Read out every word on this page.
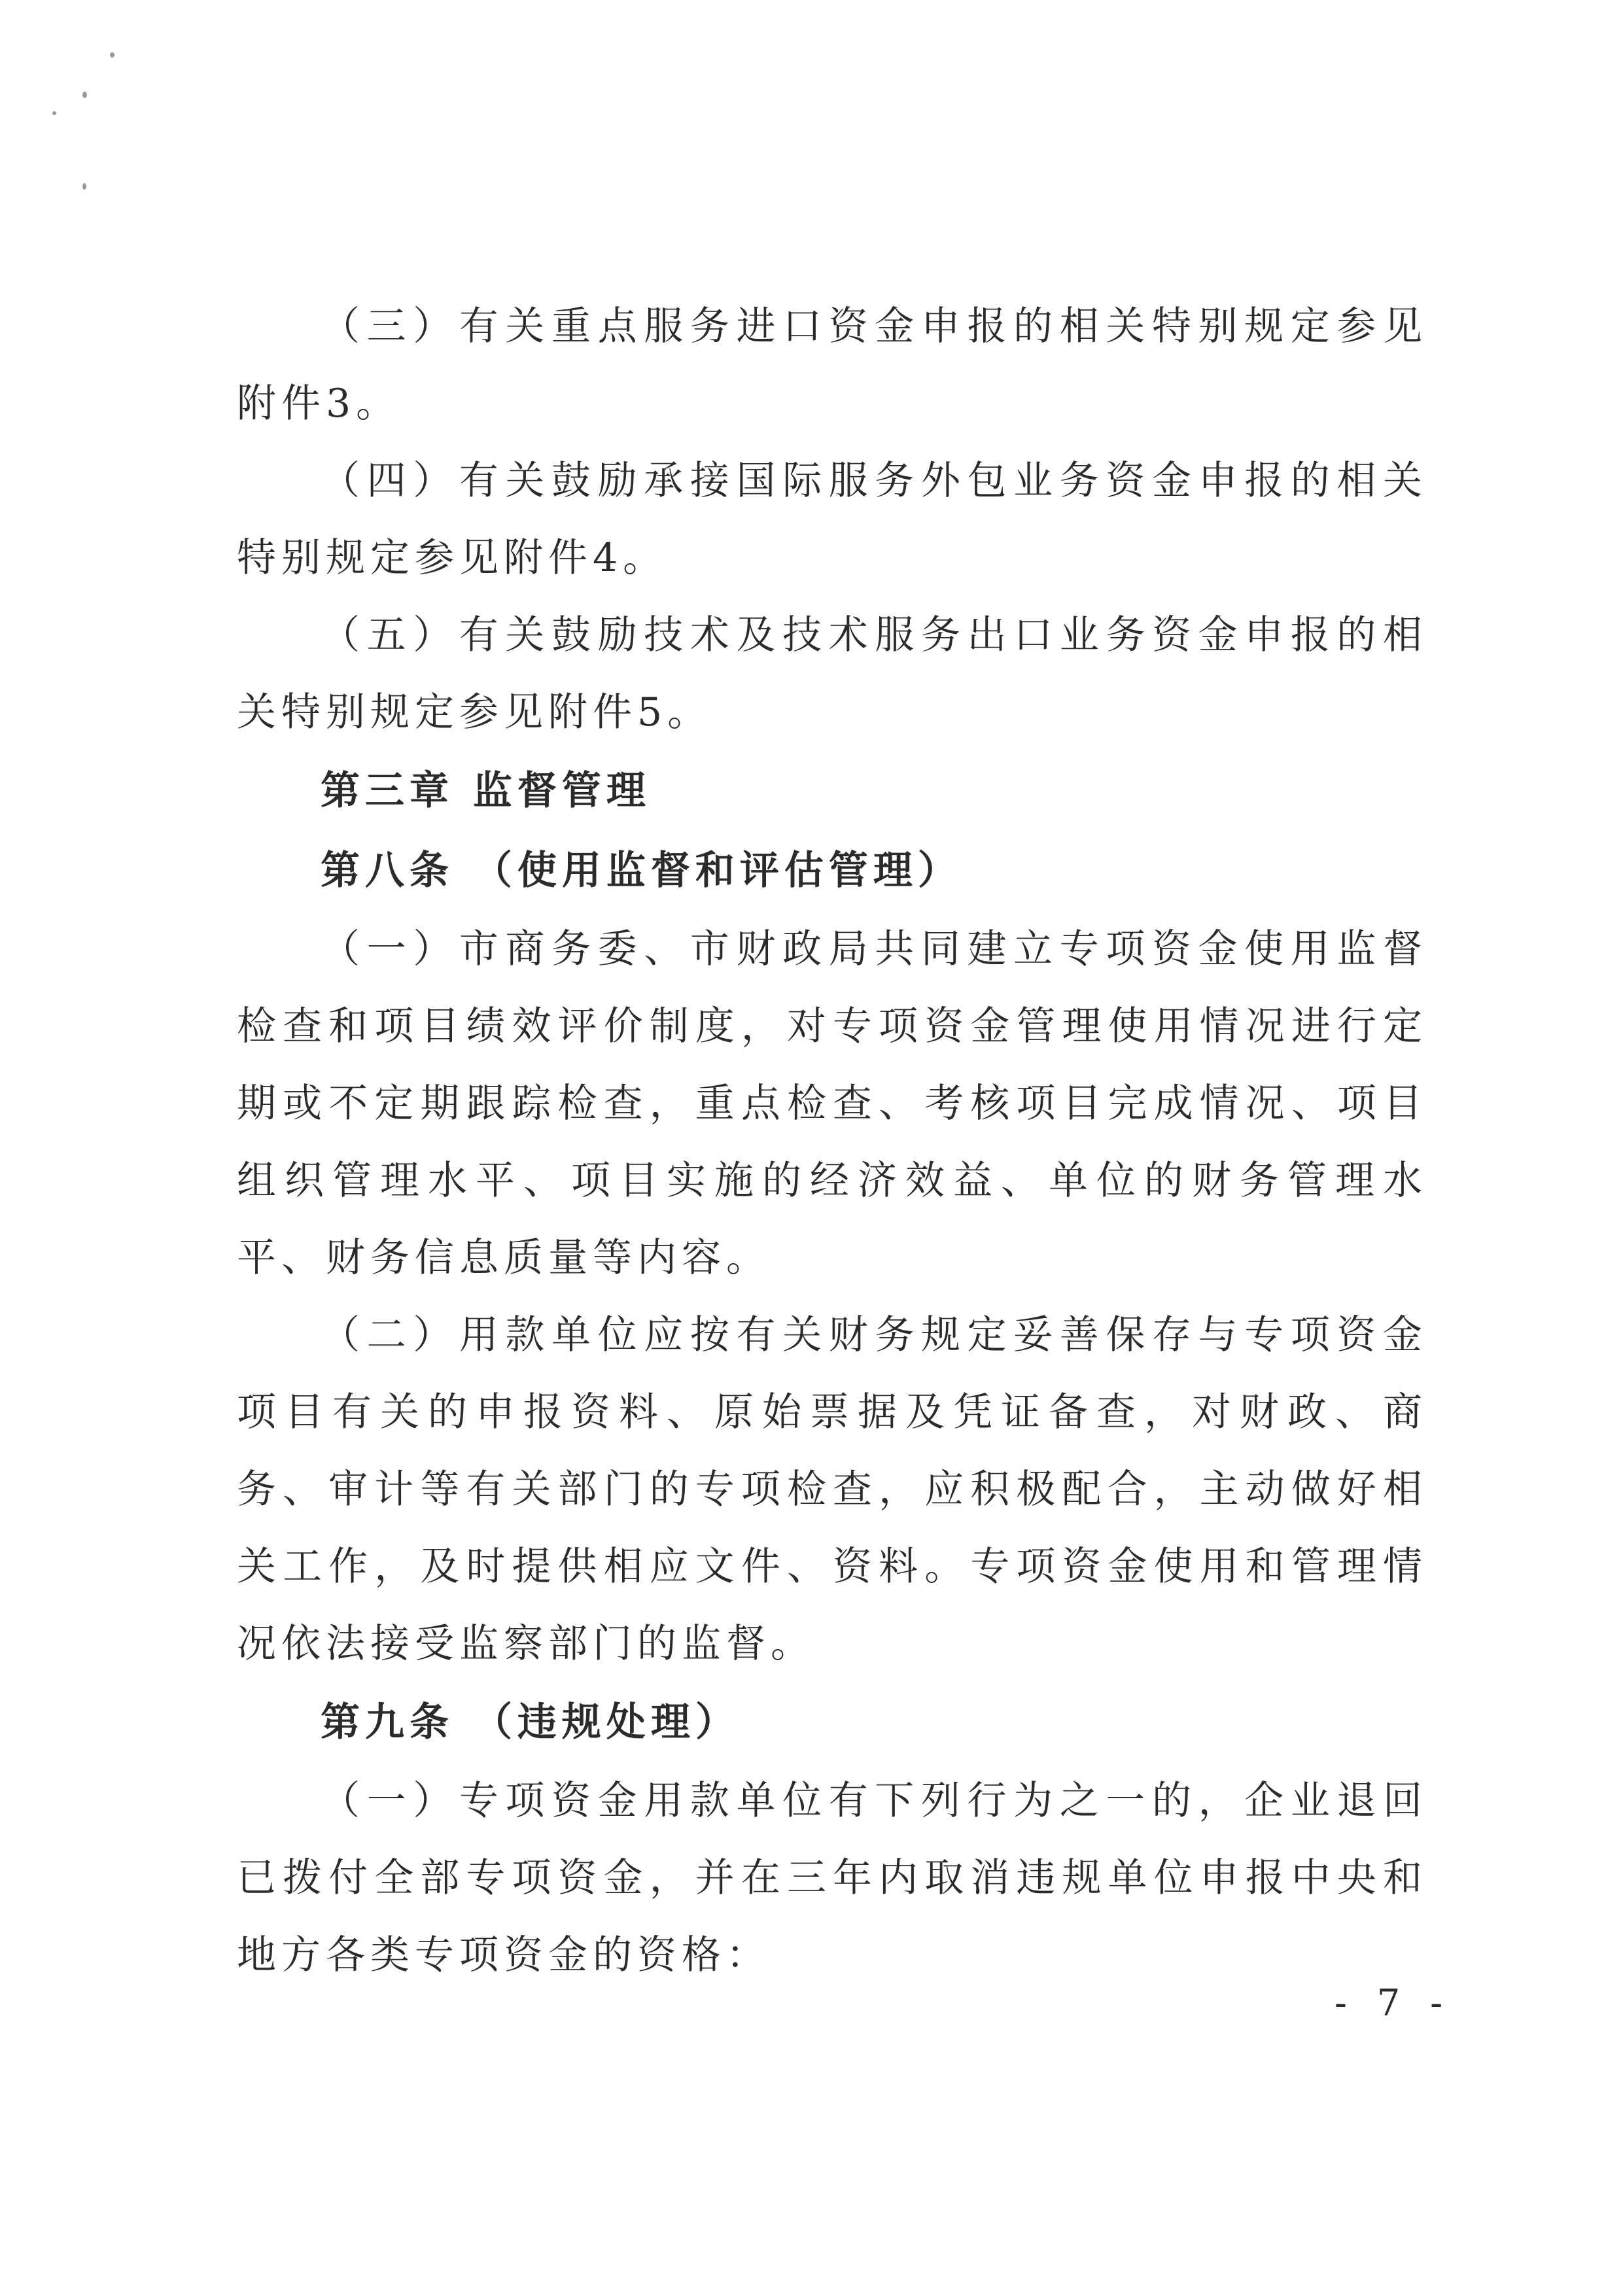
（三）有关重点服务进口资金申报的相关特别规定参见附件3。

（四）有关鼓励承接国际服务外包业务资金申报的相关特别规定参见附件4。

（五）有关鼓励技术及技术服务出口业务资金申报的相关特别规定参见附件5。

第三章 监督管理

第八条 （使用监督和评估管理）

（一）市商务委、市财政局共同建立专项资金使用监督检查和项目绩效评价制度，对专项资金管理使用情况进行定期或不定期跟踪检查，重点检查、考核项目完成情况、项目组织管理水平、项目实施的经济效益、单位的财务管理水平、财务信息质量等内容。

（二）用款单位应按有关财务规定妥善保存与专项资金项目有关的申报资料、原始票据及凭证备查，对财政、商务、审计等有关部门的专项检查，应积极配合，主动做好相关工作，及时提供相应文件、资料。专项资金使用和管理情况依法接受监察部门的监督。

第九条 （违规处理）

（一）专项资金用款单位有下列行为之一的，企业退回已拨付全部专项资金，并在三年内取消违规单位申报中央和地方各类专项资金的资格：

- 7 -
